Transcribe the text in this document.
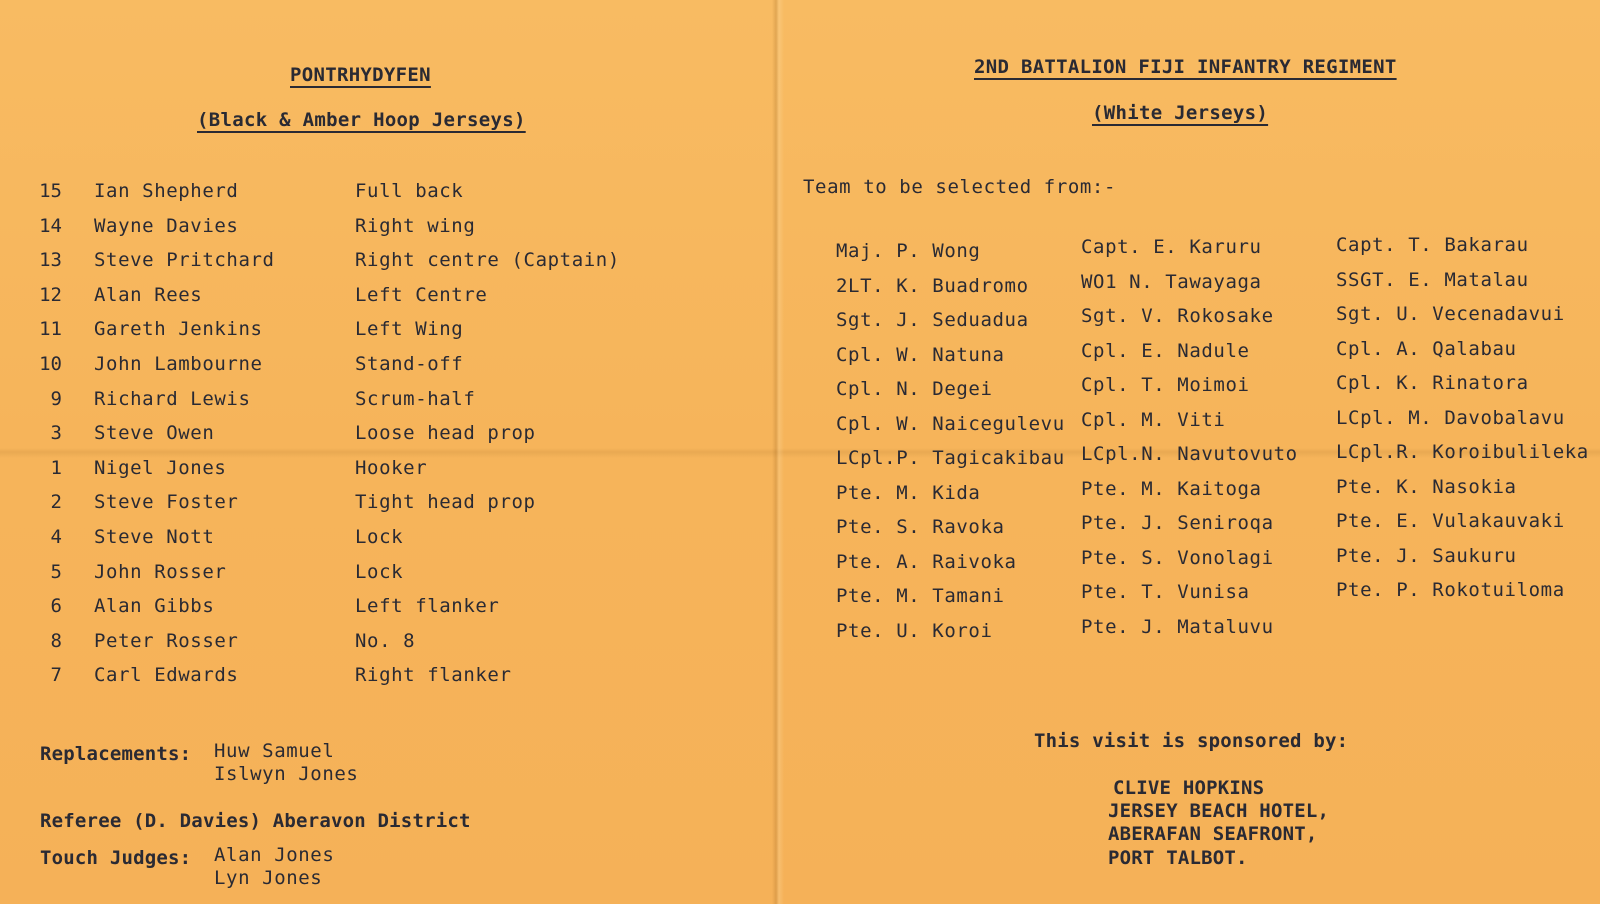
PONTRHYDYFEN
(Black & Amber Hoop Jerseys)
15 Ian Shepherd	Full back
14 Wayne Davies	Right wing
13 Steve Pritchard	Right centre (Captain)
12 Alan Rees	Left Centre
11 Gareth Jenkins	Left Wing
10 John Lambourne	Stand-off
9 Richard Lewis	Scrum-half
3 Steve Owen	Loose head prop
1 Nigel Jones	Hooker
2 Steve Foster	Tight head prop
4 Steve Nott	Lock
5 John Rosser	Lock
6 Alan Gibbs	Left flanker
8 Peter Rosser	No. 8
7 Carl Edwards	Right flanker
Replacements: Huw Samuel
Islwyn Jones
Referee (D. Davies) Aberavon District
Touch Judges: Alan Jones
Lyn Jones
2ND BATTALION FIJI INFANTRY REGIMENT
(White Jerseys)
Team to be selected from:-
Maj. P. Wong
2LT. K. Buadromo
Sgt. J. Seduadua
Cpl. W. Natuna
Cpl. N. Degei
Cpl. W. Naicegulevu
LCpl.P. Tagicakibau
Pte. M. Kida
Pte. S. Ravoka
Pte. A. Raivoka
Pte. M. Tamani
Pte. U. Koroi
Capt. E. Karuru
WO1 N. Tawayaga
Sgt. V. Rokosake
Cpl. E. Nadule
Cpl. T. Moimoi
Cpl. M. Viti
LCpl.N. Navutovuto
Pte. M. Kaitoga
Pte. J. Seniroqa
Pte. S. Vonolagi
Pte. T. Vunisa
Pte. J. Mataluvu
Capt. T. Bakarau
SSGT. E. Matalau
Sgt. U. Vecenadavui
Cpl. A. Qalabau
Cpl. K. Rinatora
LCpl. M. Davobalavu
LCpl.R. Koroibulileka
Pte. K. Nasokia
Pte. E. Vulakauvaki
Pte. J. Saukuru
Pte. P. Rokotuiloma
This visit is sponsored by:
CLIVE HOPKINS
JERSEY BEACH HOTEL,
ABERAFAN SEAFRONT,
PORT TALBOT.
